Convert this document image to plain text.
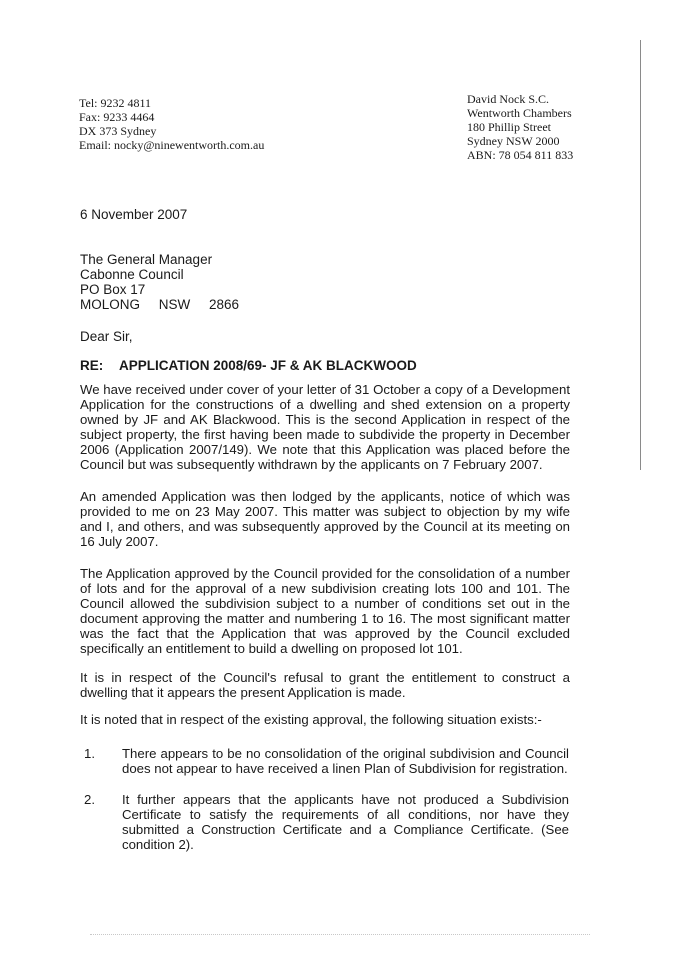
Tel: 9232 4811
Fax: 9233 4464
DX 373 Sydney
Email: nocky@ninewentworth.com.au
David Nock S.C.
Wentworth Chambers
180 Phillip Street
Sydney NSW 2000
ABN: 78 054 811 833
6 November 2007
The General Manager
Cabonne Council
PO Box 17
MOLONG     NSW     2866
Dear Sir,
RE: APPLICATION 2008/69- JF & AK BLACKWOOD

We have received under cover of your letter of 31 October a copy of a Development Application for the constructions of a dwelling and shed extension on a property owned by JF and AK Blackwood. This is the second Application in respect of the subject property, the first having been made to subdivide the property in December 2006 (Application 2007/149). We note that this Application was placed before the Council but was subsequently withdrawn by the applicants on 7 February 2007.

An amended Application was then lodged by the applicants, notice of which was provided to me on 23 May 2007. This matter was subject to objection by my wife and I, and others, and was subsequently approved by the Council at its meeting on 16 July 2007.

The Application approved by the Council provided for the consolidation of a number of lots and for the approval of a new subdivision creating lots 100 and 101. The Council allowed the subdivision subject to a number of conditions set out in the document approving the matter and numbering 1 to 16. The most significant matter was the fact that the Application that was approved by the Council excluded specifically an entitlement to build a dwelling on proposed lot 101.

It is in respect of the Council's refusal to grant the entitlement to construct a dwelling that it appears the present Application is made.

It is noted that in respect of the existing approval, the following situation exists:-

1. There appears to be no consolidation of the original subdivision and Council does not appear to have received a linen Plan of Subdivision for registration.
2. It further appears that the applicants have not produced a Subdivision Certificate to satisfy the requirements of all conditions, nor have they submitted a Construction Certificate and a Compliance Certificate. (See condition 2).
